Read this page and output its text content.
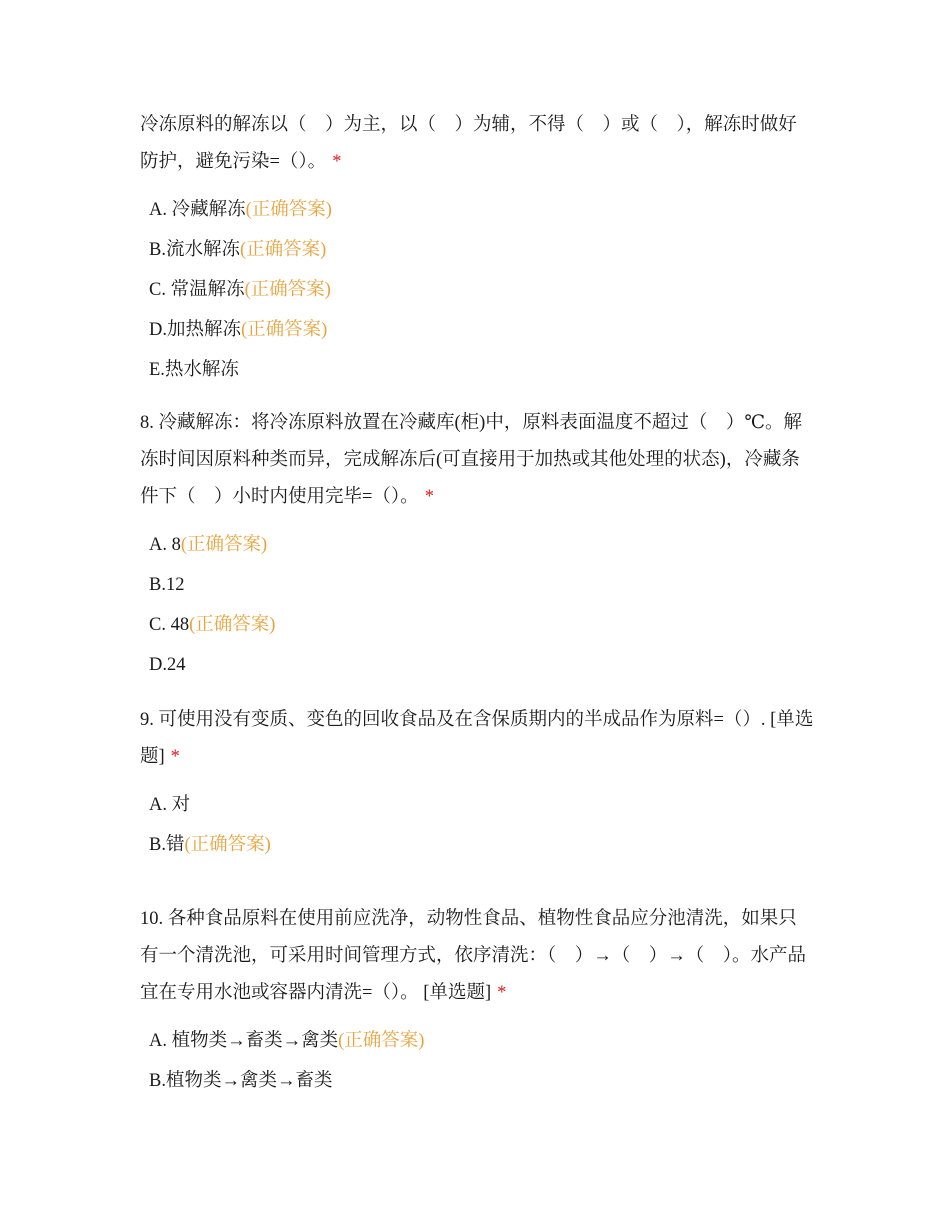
冷冻原料的解冻以（　）为主，以（　）为辅，不得（　）或（　），解冻时做好防护，避免污染=（）。 *

A. 冷藏解冻(正确答案)
B.流水解冻(正确答案)
C. 常温解冻(正确答案)
D.加热解冻(正确答案)
E.热水解冻

8. 冷藏解冻：将冷冻原料放置在冷藏库(柜)中，原料表面温度不超过（　）℃。解冻时间因原料种类而异，完成解冻后(可直接用于加热或其他处理的状态)，冷藏条件下（　）小时内使用完毕=（）。 *

A. 8(正确答案)
B.12
C. 48(正确答案)
D.24

9. 可使用没有变质、变色的回收食品及在含保质期内的半成品作为原料=（）. [单选题] *

A. 对
B.错(正确答案)

10. 各种食品原料在使用前应洗净，动物性食品、植物性食品应分池清洗，如果只有一个清洗池，可采用时间管理方式，依序清洗：（　）→（　）→（　）。水产品宜在专用水池或容器内清洗=（）。 [单选题] *

A. 植物类→畜类→禽类(正确答案)
B.植物类→禽类→畜类
